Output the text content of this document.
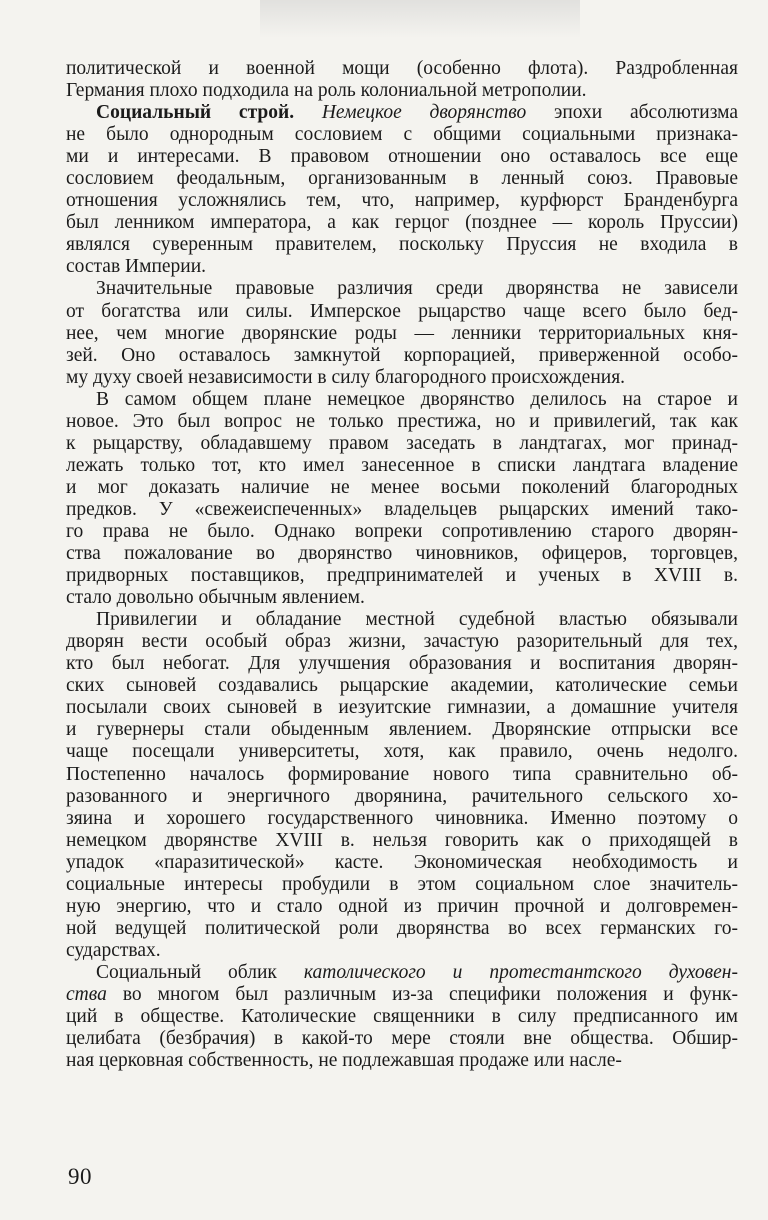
политической и военной мощи (особенно флота). Раздробленная
Германия плохо подходила на роль колониальной метрополии.
Социальный строй. Немецкое дворянство эпохи абсолютизма
не было однородным сословием с общими социальными признака-
ми и интересами. В правовом отношении оно оставалось все еще
сословием феодальным, организованным в ленный союз. Правовые
отношения усложнялись тем, что, например, курфюрст Бранденбурга
был ленником императора, а как герцог (позднее — король Пруссии)
являлся суверенным правителем, поскольку Пруссия не входила в
состав Империи.
Значительные правовые различия среди дворянства не зависели
от богатства или силы. Имперское рыцарство чаще всего было бед-
нее, чем многие дворянские роды — ленники территориальных кня-
зей. Оно оставалось замкнутой корпорацией, приверженной особо-
му духу своей независимости в силу благородного происхождения.
В самом общем плане немецкое дворянство делилось на старое и
новое. Это был вопрос не только престижа, но и привилегий, так как
к рыцарству, обладавшему правом заседать в ландтагах, мог принад-
лежать только тот, кто имел занесенное в списки ландтага владение
и мог доказать наличие не менее восьми поколений благородных
предков. У «свежеиспеченных» владельцев рыцарских имений тако-
го права не было. Однако вопреки сопротивлению старого дворян-
ства пожалование во дворянство чиновников, офицеров, торговцев,
придворных поставщиков, предпринимателей и ученых в XVIII в.
стало довольно обычным явлением.
Привилегии и обладание местной судебной властью обязывали
дворян вести особый образ жизни, зачастую разорительный для тех,
кто был небогат. Для улучшения образования и воспитания дворян-
ских сыновей создавались рыцарские академии, католические семьи
посылали своих сыновей в иезуитские гимназии, а домашние учителя
и гувернеры стали обыденным явлением. Дворянские отпрыски все
чаще посещали университеты, хотя, как правило, очень недолго.
Постепенно началось формирование нового типа сравнительно об-
разованного и энергичного дворянина, рачительного сельского хо-
зяина и хорошего государственного чиновника. Именно поэтому о
немецком дворянстве XVIII в. нельзя говорить как о приходящей в
упадок «паразитической» касте. Экономическая необходимость и
социальные интересы пробудили в этом социальном слое значитель-
ную энергию, что и стало одной из причин прочной и долговремен-
ной ведущей политической роли дворянства во всех германских го-
сударствах.
Социальный облик католического и протестантского духовен-
ства во многом был различным из-за специфики положения и функ-
ций в обществе. Католические священники в силу предписанного им
целибата (безбрачия) в какой-то мере стояли вне общества. Обшир-
ная церковная собственность, не подлежавшая продаже или насле-
90
